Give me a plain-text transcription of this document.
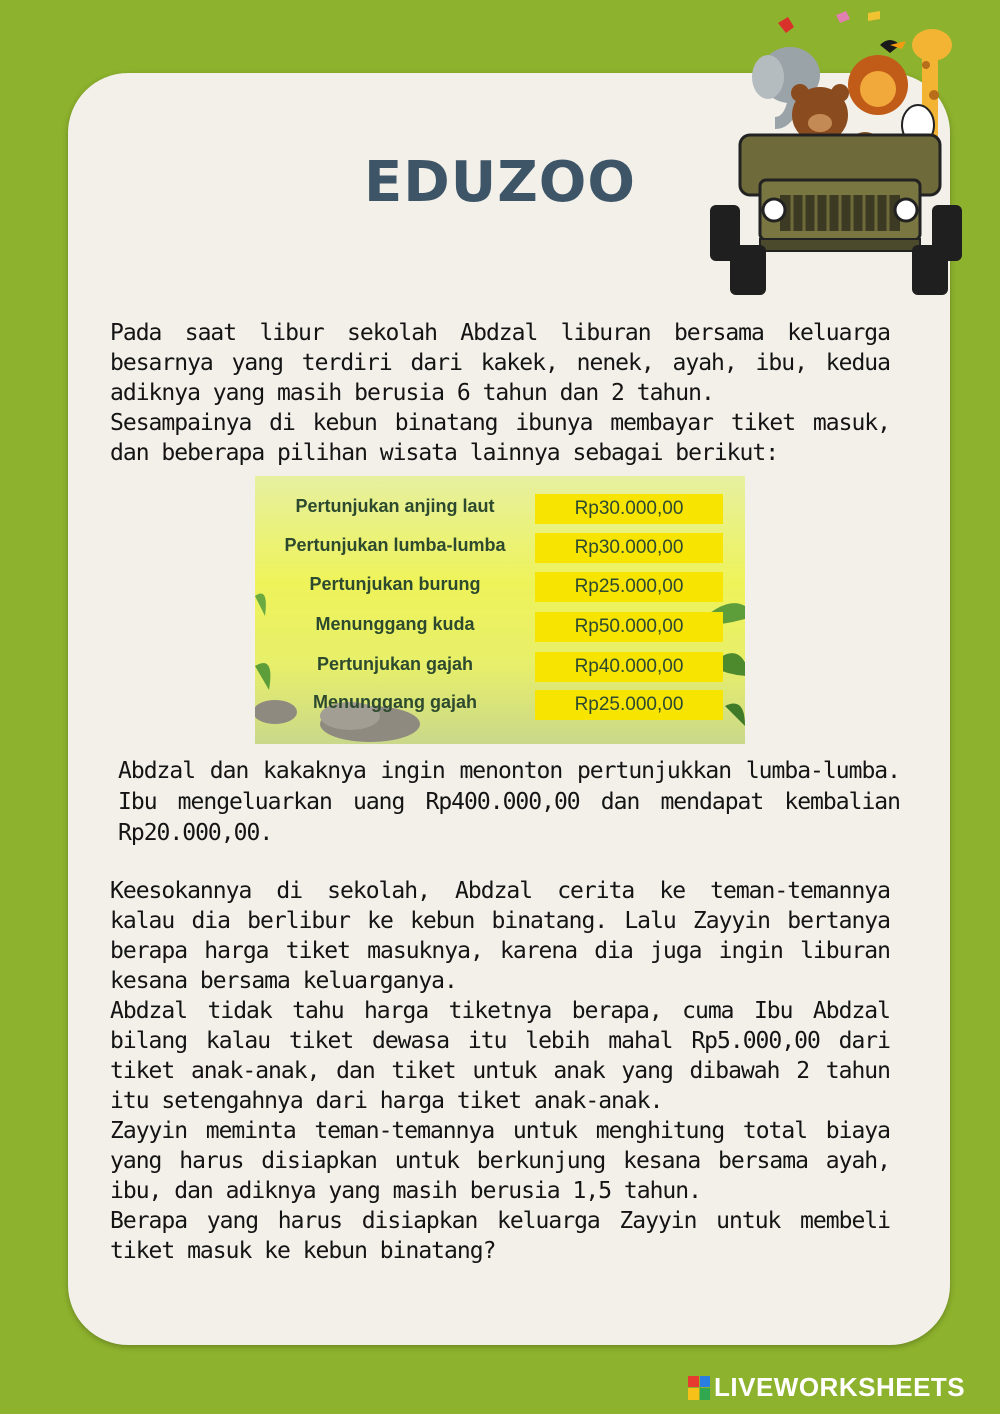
EDUZOO

Pada saat libur sekolah Abdzal liburan bersama keluarga besarnya yang terdiri dari kakek, nenek, ayah, ibu, kedua adiknya yang masih berusia 6 tahun dan 2 tahun.

Sesampainya di kebun binatang ibunya membayar tiket masuk, dan beberapa pilihan wisata lainnya sebagai berikut:

Pertunjukan anjing laut	Rp30.000,00
Pertunjukan lumba-lumba	Rp30.000,00
Pertunjukan burung	Rp25.000,00
Menunggang kuda	Rp50.000,00
Pertunjukan gajah	Rp40.000,00
Menunggang gajah	Rp25.000,00

Abdzal dan kakaknya ingin menonton pertunjukkan lumba-lumba. Ibu mengeluarkan uang Rp400.000,00 dan mendapat kembalian Rp20.000,00.

Keesokannya di sekolah, Abdzal cerita ke teman-temannya kalau dia berlibur ke kebun binatang. Lalu Zayyin bertanya berapa harga tiket masuknya, karena dia juga ingin liburan kesana bersama keluarganya.

Abdzal tidak tahu harga tiketnya berapa, cuma Ibu Abdzal bilang kalau tiket dewasa itu lebih mahal Rp5.000,00 dari tiket anak-anak, dan tiket untuk anak yang dibawah 2 tahun itu setengahnya dari harga tiket anak-anak.

Zayyin meminta teman-temannya untuk menghitung total biaya yang harus disiapkan untuk berkunjung kesana bersama ayah, ibu, dan adiknya yang masih berusia 1,5 tahun.

Berapa yang harus disiapkan keluarga Zayyin untuk membeli tiket masuk ke kebun binatang?

LIVEWORKSHEETS
